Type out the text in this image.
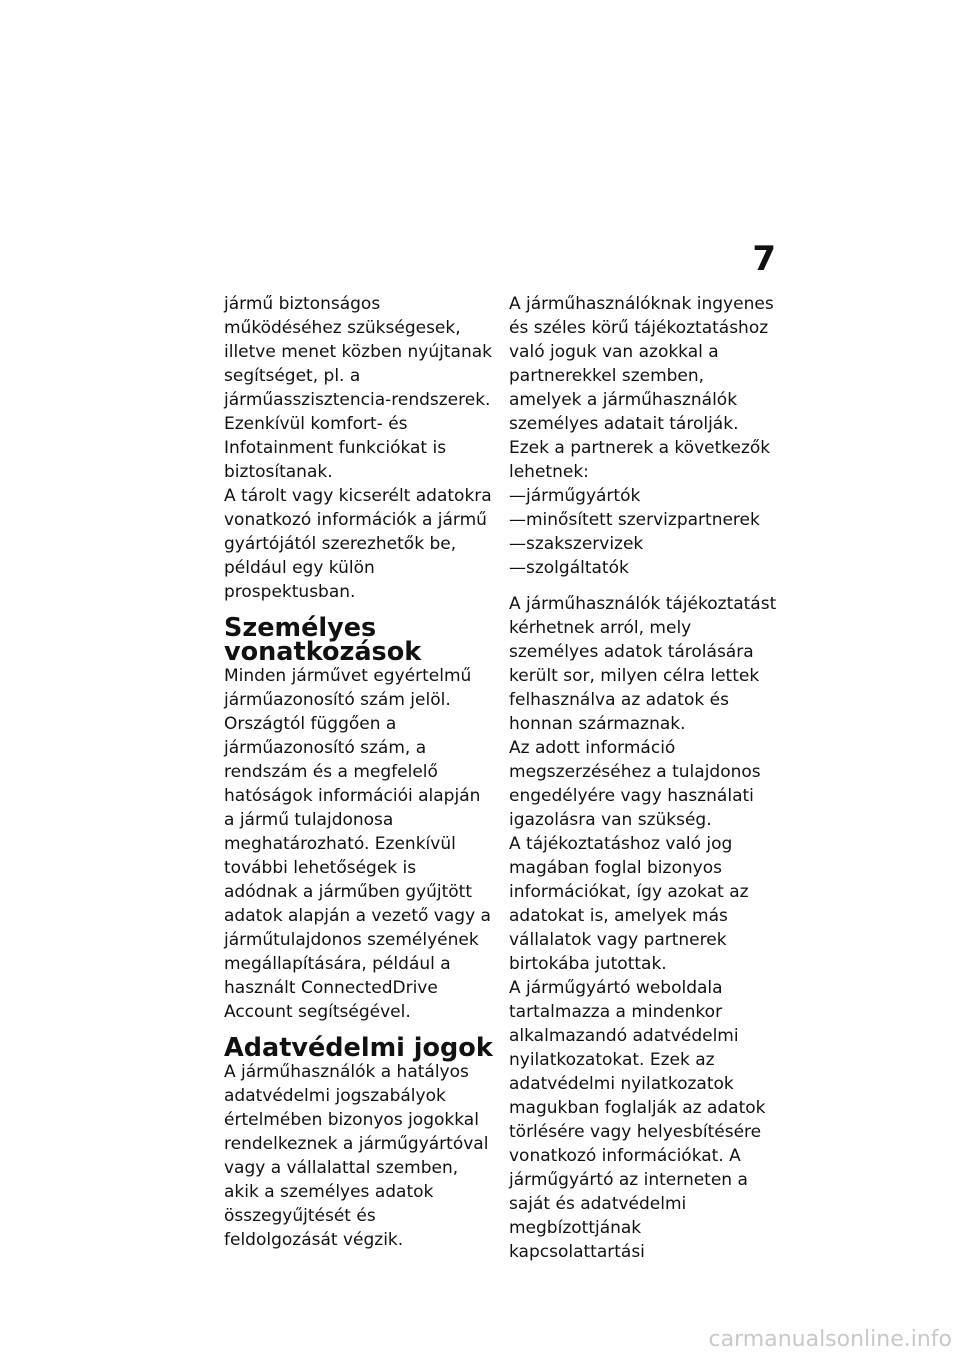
7

jármű biztonságos működéséhez szükségesek, illetve menet közben nyújtanak segítséget, pl. a járműasszisztencia-rendszerek. Ezenkívül komfort- és Infotainment funkciókat is biztosítanak.

A tárolt vagy kicserélt adatokra vonatkozó információk a jármű gyártójától szerezhetők be, például egy külön prospektusban.

Személyes vonatkozások

Minden járművet egyértelmű járműazonosító szám jelöl. Országtól függően a járműazonosító szám, a rendszám és a megfelelő hatóságok információi alapján a jármű tulajdonosa meghatározható. Ezenkívül további lehetőségek is adódnak a járműben gyűjtött adatok alapján a vezető vagy a járműtulajdonos személyének megállapítására, például a használt ConnectedDrive Account segítségével.

Adatvédelmi jogok

A járműhasználók a hatályos adatvédelmi jogszabályok értelmében bizonyos jogokkal rendelkeznek a járműgyártóval vagy a vállalattal szemben, akik a személyes adatok összegyűjtését és feldolgozását végzik.

A járműhasználóknak ingyenes és széles körű tájékoztatáshoz való joguk van azokkal a partnerekkel szemben, amelyek a járműhasználók személyes adatait tárolják.

Ezek a partnerek a következők lehetnek:

— járműgyártók
— minősített szervizpartnerek
— szakszervizek
— szolgáltatók

A járműhasználók tájékoztatást kérhetnek arról, mely személyes adatok tárolására került sor, milyen célra lettek felhasználva az adatok és honnan származnak.

Az adott információ megszerzéséhez a tulajdonos engedélyére vagy használati igazolásra van szükség.

A tájékoztatáshoz való jog magában foglal bizonyos információkat, így azokat az adatokat is, amelyek más vállalatok vagy partnerek birtokába jutottak.

A járműgyártó weboldala tartalmazza a mindenkor alkalmazandó adatvédelmi nyilatkozatokat. Ezek az adatvédelmi nyilatkozatok magukban foglalják az adatok törlésére vagy helyesbítésére vonatkozó információkat. A járműgyártó az interneten a saját és adatvédelmi megbízottjának kapcsolattartási

carmanualsonline.info
